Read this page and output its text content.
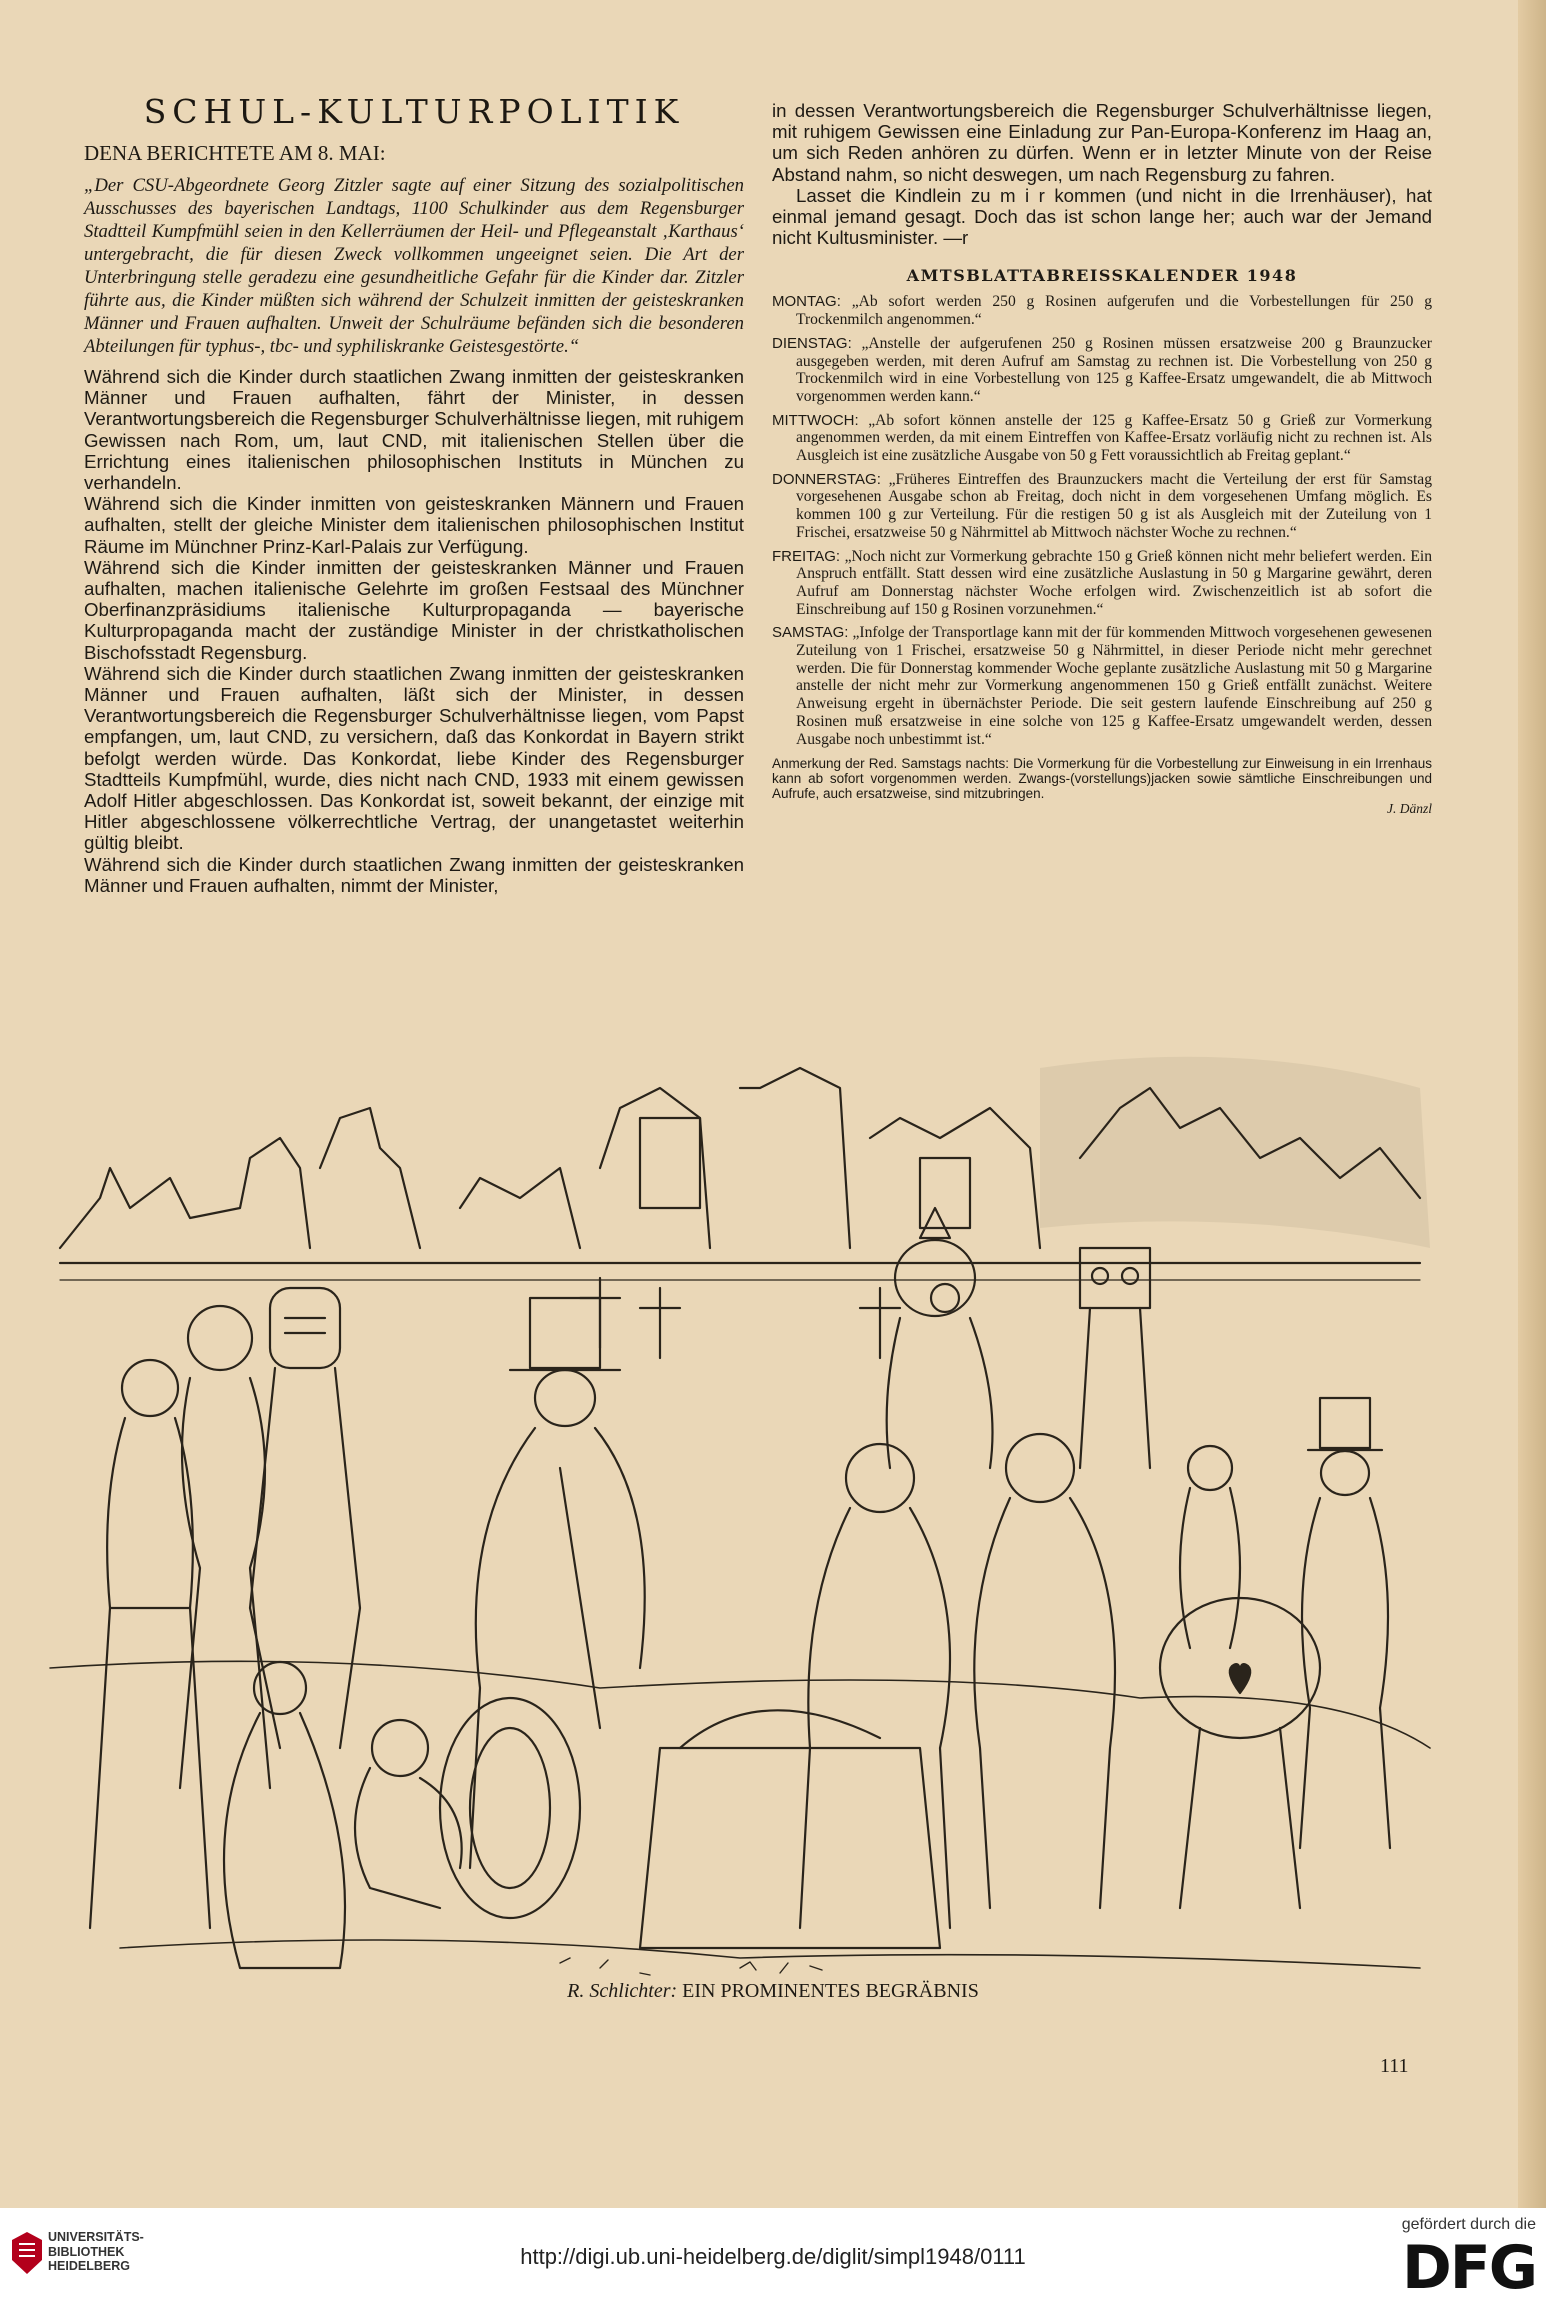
SCHUL-KULTURPOLITIK
DENA BERICHTETE AM 8. MAI:

„Der CSU-Abgeordnete Georg Zitzler sagte auf einer Sitzung des sozialpolitischen Ausschusses des bayerischen Landtags, 1100 Schulkinder aus dem Regensburger Stadtteil Kumpfmühl seien in den Kellerräumen der Heil- und Pflegeanstalt ‚Karthaus‘ untergebracht, die für diesen Zweck vollkommen ungeeignet seien. Die Art der Unterbringung stelle geradezu eine gesundheitliche Gefahr für die Kinder dar. Zitzler führte aus, die Kinder müßten sich während der Schulzeit inmitten der geisteskranken Männer und Frauen aufhalten. Unweit der Schulräume befänden sich die besonderen Abteilungen für typhus-, tbc- und syphiliskranke Geistesgestörte.“

Während sich die Kinder durch staatlichen Zwang inmitten der geisteskranken Männer und Frauen aufhalten, fährt der Minister, in dessen Verantwortungsbereich die Regensburger Schulverhältnisse liegen, mit ruhigem Gewissen nach Rom, um, laut CND, mit italienischen Stellen über die Errichtung eines italienischen philosophischen Instituts in München zu verhandeln.

Während sich die Kinder inmitten von geisteskranken Männern und Frauen aufhalten, stellt der gleiche Minister dem italienischen philosophischen Institut Räume im Münchner Prinz-Karl-Palais zur Verfügung.

Während sich die Kinder inmitten der geisteskranken Männer und Frauen aufhalten, machen italienische Gelehrte im großen Festsaal des Münchner Oberfinanzpräsidiums italienische Kulturpropaganda — bayerische Kulturpropaganda macht der zuständige Minister in der christkatholischen Bischofsstadt Regensburg.

Während sich die Kinder durch staatlichen Zwang inmitten der geisteskranken Männer und Frauen aufhalten, läßt sich der Minister, in dessen Verantwortungsbereich die Regensburger Schulverhältnisse liegen, vom Papst empfangen, um, laut CND, zu versichern, daß das Konkordat in Bayern strikt befolgt werden würde. Das Konkordat, liebe Kinder des Regensburger Stadtteils Kumpfmühl, wurde, dies nicht nach CND, 1933 mit einem gewissen Adolf Hitler abgeschlossen. Das Konkordat ist, soweit bekannt, der einzige mit Hitler abgeschlossene völkerrechtliche Vertrag, der unangetastet weiterhin gültig bleibt.

Während sich die Kinder durch staatlichen Zwang inmitten der geisteskranken Männer und Frauen aufhalten, nimmt der Minister,

in dessen Verantwortungsbereich die Regensburger Schulverhältnisse liegen, mit ruhigem Gewissen eine Einladung zur Pan-Europa-Konferenz im Haag an, um sich Reden anhören zu dürfen. Wenn er in letzter Minute von der Reise Abstand nahm, so nicht deswegen, um nach Regensburg zu fahren.

Lasset die Kindlein zu m i r kommen (und nicht in die Irrenhäuser), hat einmal jemand gesagt. Doch das ist schon lange her; auch war der Jemand nicht Kultusminister. —r

AMTSBLATTABREISSKALENDER 1948

MONTAG: „Ab sofort werden 250 g Rosinen aufgerufen und die Vorbestellungen für 250 g Trockenmilch angenommen.“

DIENSTAG: „Anstelle der aufgerufenen 250 g Rosinen müssen ersatzweise 200 g Braunzucker ausgegeben werden, mit deren Aufruf am Samstag zu rechnen ist. Die Vorbestellung von 250 g Trockenmilch wird in eine Vorbestellung von 125 g Kaffee-Ersatz umgewandelt, die ab Mittwoch vorgenommen werden kann.“

MITTWOCH: „Ab sofort können anstelle der 125 g Kaffee-Ersatz 50 g Grieß zur Vormerkung angenommen werden, da mit einem Eintreffen von Kaffee-Ersatz vorläufig nicht zu rechnen ist. Als Ausgleich ist eine zusätzliche Ausgabe von 50 g Fett voraussichtlich ab Freitag geplant.“

DONNERSTAG: „Früheres Eintreffen des Braunzuckers macht die Verteilung der erst für Samstag vorgesehenen Ausgabe schon ab Freitag, doch nicht in dem vorgesehenen Umfang möglich. Es kommen 100 g zur Verteilung. Für die restigen 50 g ist als Ausgleich mit der Zuteilung von 1 Frischei, ersatzweise 50 g Nährmittel ab Mittwoch nächster Woche zu rechnen.“

FREITAG: „Noch nicht zur Vormerkung gebrachte 150 g Grieß können nicht mehr beliefert werden. Ein Anspruch entfällt. Statt dessen wird eine zusätzliche Auslastung in 50 g Margarine gewährt, deren Aufruf am Donnerstag nächster Woche erfolgen wird. Zwischenzeitlich ist ab sofort die Einschreibung auf 150 g Rosinen vorzunehmen.“

SAMSTAG: „Infolge der Transportlage kann mit der für kommenden Mittwoch vorgesehenen gewesenen Zuteilung von 1 Frischei, ersatzweise 50 g Nährmittel, in dieser Periode nicht mehr gerechnet werden. Die für Donnerstag kommender Woche geplante zusätzliche Auslastung mit 50 g Margarine anstelle der nicht mehr zur Vormerkung angenommenen 150 g Grieß entfällt zunächst. Weitere Anweisung ergeht in übernächster Periode. Die seit gestern laufende Einschreibung auf 250 g Rosinen muß ersatzweise in eine solche von 125 g Kaffee-Ersatz umgewandelt werden, dessen Ausgabe noch unbestimmt ist.“

Anmerkung der Red. Samstags nachts: Die Vormerkung für die Vorbestellung zur Einweisung in ein Irrenhaus kann ab sofort vorgenommen werden. Zwangs-(vorstellungs)jacken sowie sämtliche Einschreibungen und Aufrufe, auch ersatzweise, sind mitzubringen.

J. Dänzl
R. Schlichter: EIN PROMINENTES BEGRÄBNIS
111
UNIVERSITÄTS-
BIBLIOTHEK
HEIDELBERG	http://digi.ub.uni-heidelberg.de/diglit/simpl1948/0111
gefördert durch die
DFG
